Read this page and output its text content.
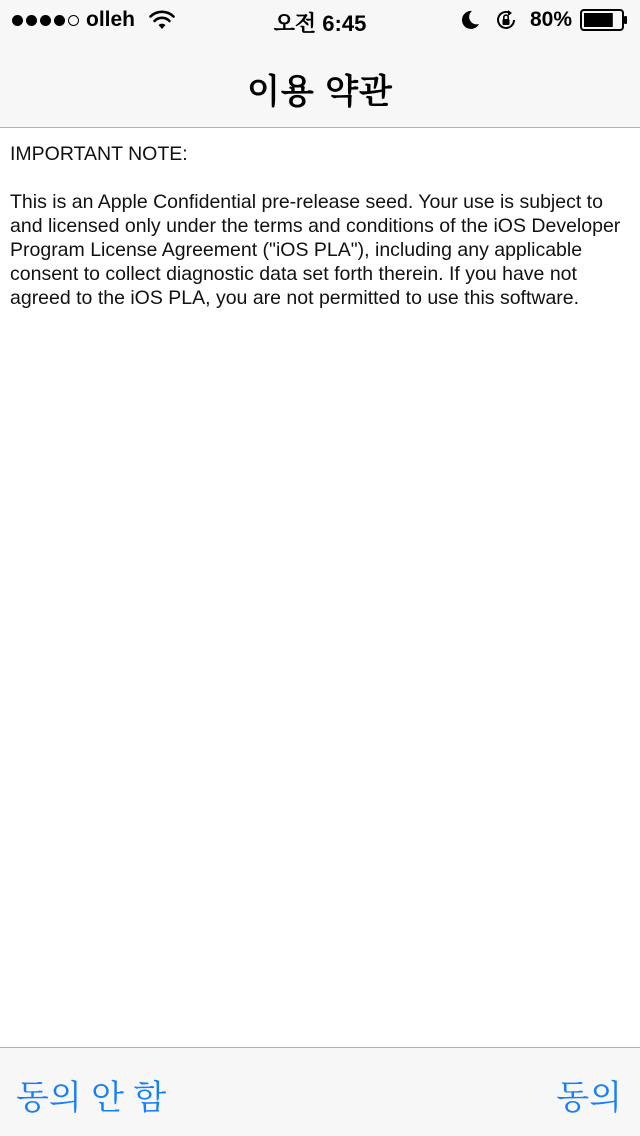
olleh	오전 6:45	80%
이용 약관

IMPORTANT NOTE:

This is an Apple Confidential pre-release seed. Your use is subject to and licensed only under the terms and conditions of the iOS Developer Program License Agreement ("iOS PLA"), including any applicable consent to collect diagnostic data set forth therein. If you have not agreed to the iOS PLA, you are not permitted to use this software.

동의 안 함	동의
